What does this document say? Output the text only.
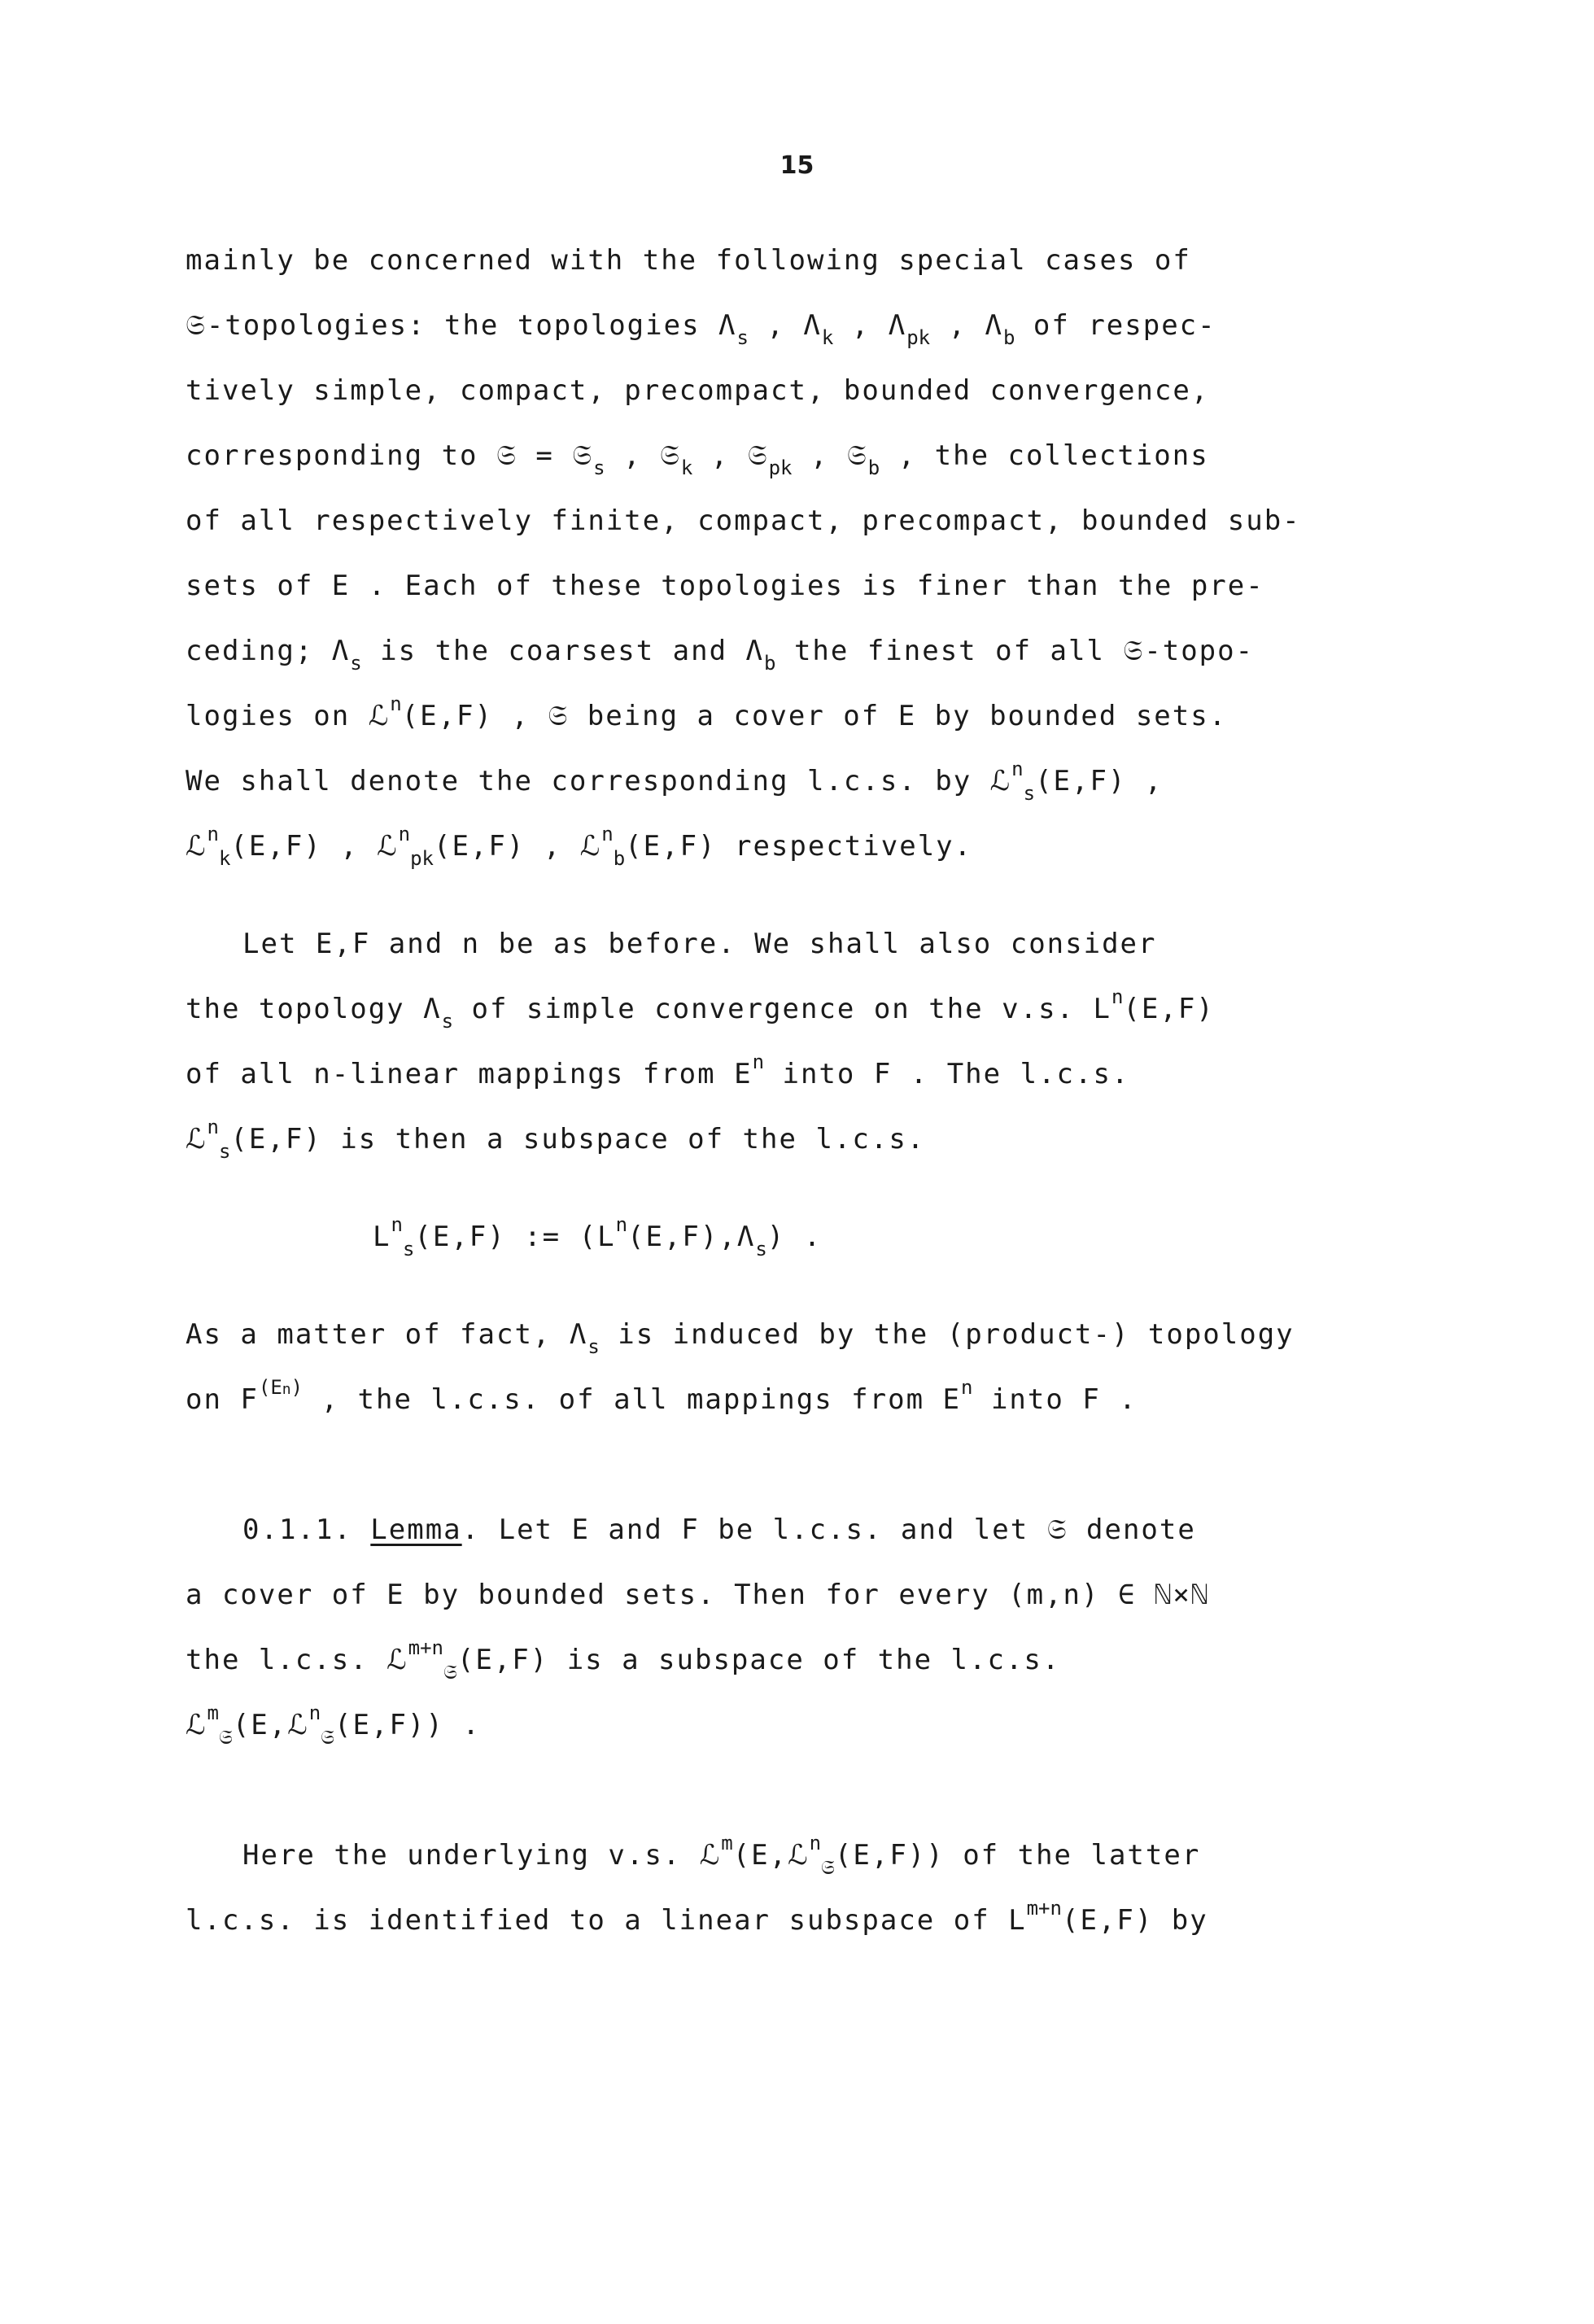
15
mainly be concerned with the following special cases of
𝔖-topologies: the topologies $\Lambda_s$ , $\Lambda_k$ , $\Lambda_{pk}$ , $\Lambda_b$ of respec-
tively simple, compact, precompact, bounded convergence,
corresponding to 𝔖 = 𝔖$_s$ , 𝔖$_k$ , 𝔖$_{pk}$ , 𝔖$_b$ , the collections
of all respectively finite, compact, precompact, bounded sub-
sets of E . Each of these topologies is finer than the pre-
ceding; $\Lambda_s$ is the coarsest and $\Lambda_b$ the finest of all 𝔖-topo-
logies on ℒ$^n$(E,F) , 𝔖 being a cover of E by bounded sets.
We shall denote the corresponding l.c.s. by ℒ$^n_s$(E,F) ,
ℒ$^n_k$(E,F) , ℒ$^n_{pk}$(E,F) , ℒ$^n_b$(E,F) respectively.
Let E,F and n be as before. We shall also consider
the topology $\Lambda_s$ of simple convergence on the v.s. $L^n(E,F)$
of all n-linear mappings from $E^n$ into F . The l.c.s.
ℒ$^n_s$(E,F) is then a subspace of the l.c.s.
$L^n_s(E,F)$ := $(L^n(E,F),\Lambda_s)$ .
As a matter of fact, $\Lambda_s$ is induced by the (product-) topology
on $F^{(En)}$ , the l.c.s. of all mappings from $E^n$ into F .
0.1.1. Lemma. Let E and F be l.c.s. and let 𝔖 denote
a cover of E by bounded sets. Then for every (m,n) ∈ ℕ×ℕ
the l.c.s. ℒ$^{m+n}_𝔖$(E,F) is a subspace of the l.c.s.
ℒ$^m_𝔖$(E,ℒ$^n_𝔖$(E,F)) .
Here the underlying v.s. ℒ$^m$(E,ℒ$^n_𝔖$(E,F)) of the latter
l.c.s. is identified to a linear subspace of $L^{m+n}(E,F)$ by
